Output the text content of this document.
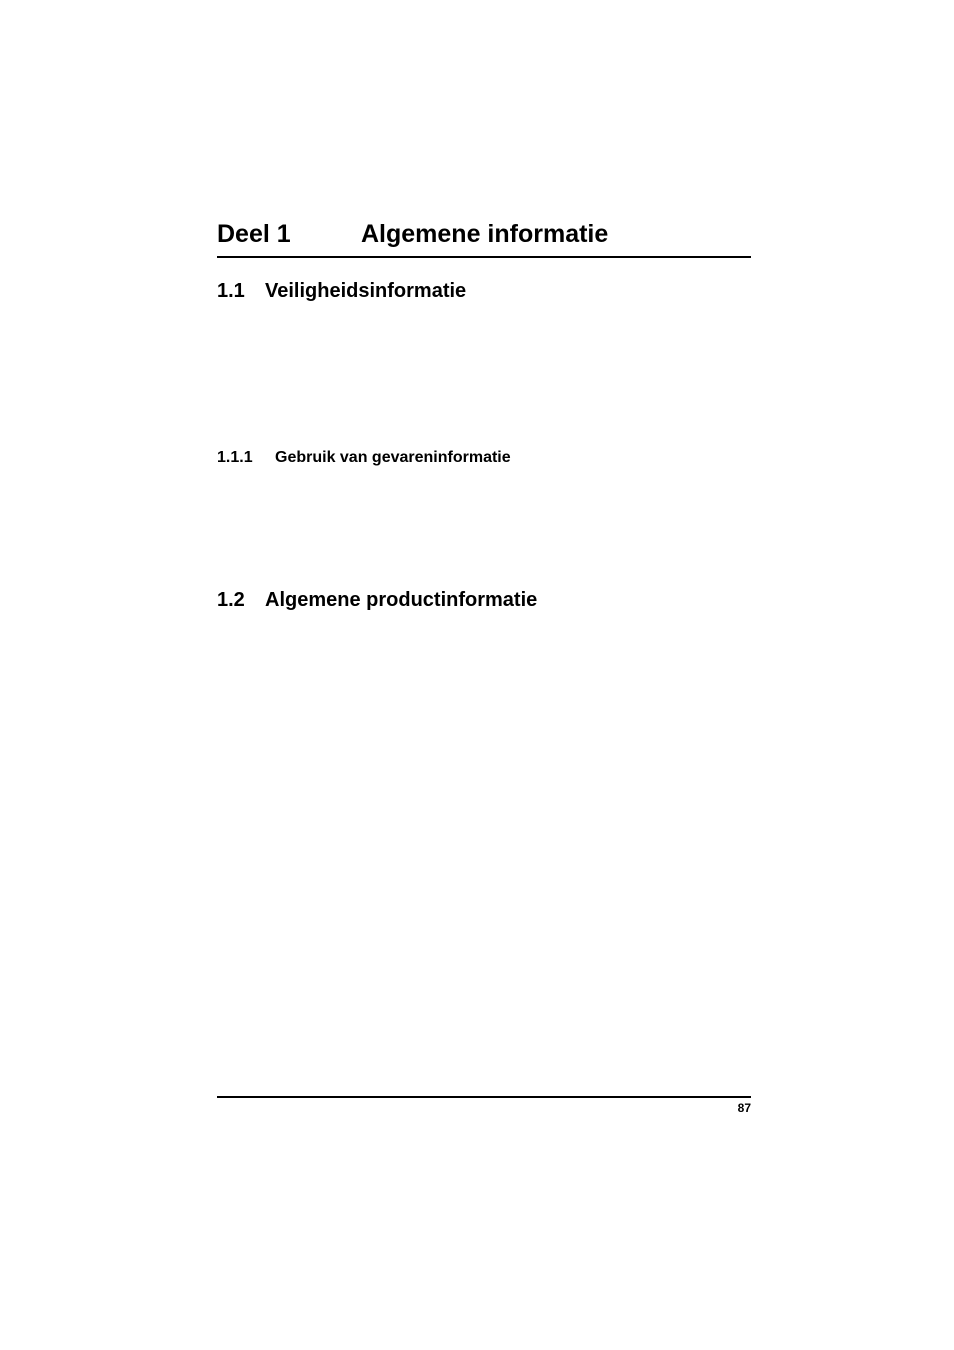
Deel 1	Algemene informatie
1.1 Veiligheidsinformatie
1.1.1 Gebruik van gevareninformatie
1.2 Algemene productinformatie
87
